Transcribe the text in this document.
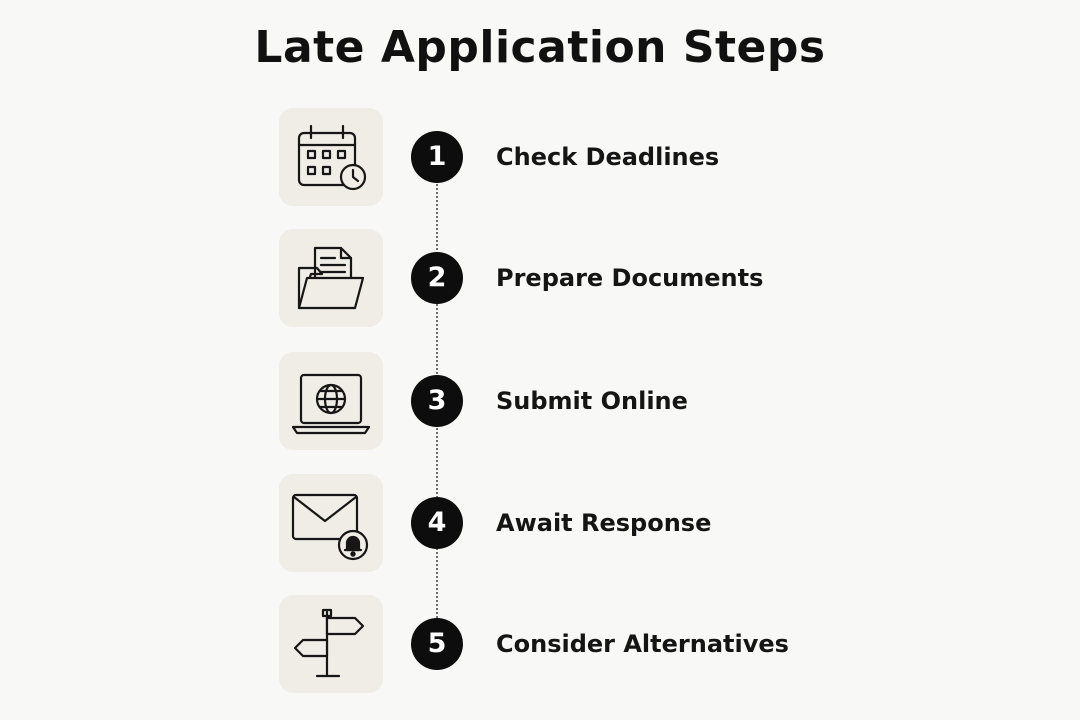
Late Application Steps
1	Check Deadlines
2	Prepare Documents
3	Submit Online
4	Await Response
5	Consider Alternatives
